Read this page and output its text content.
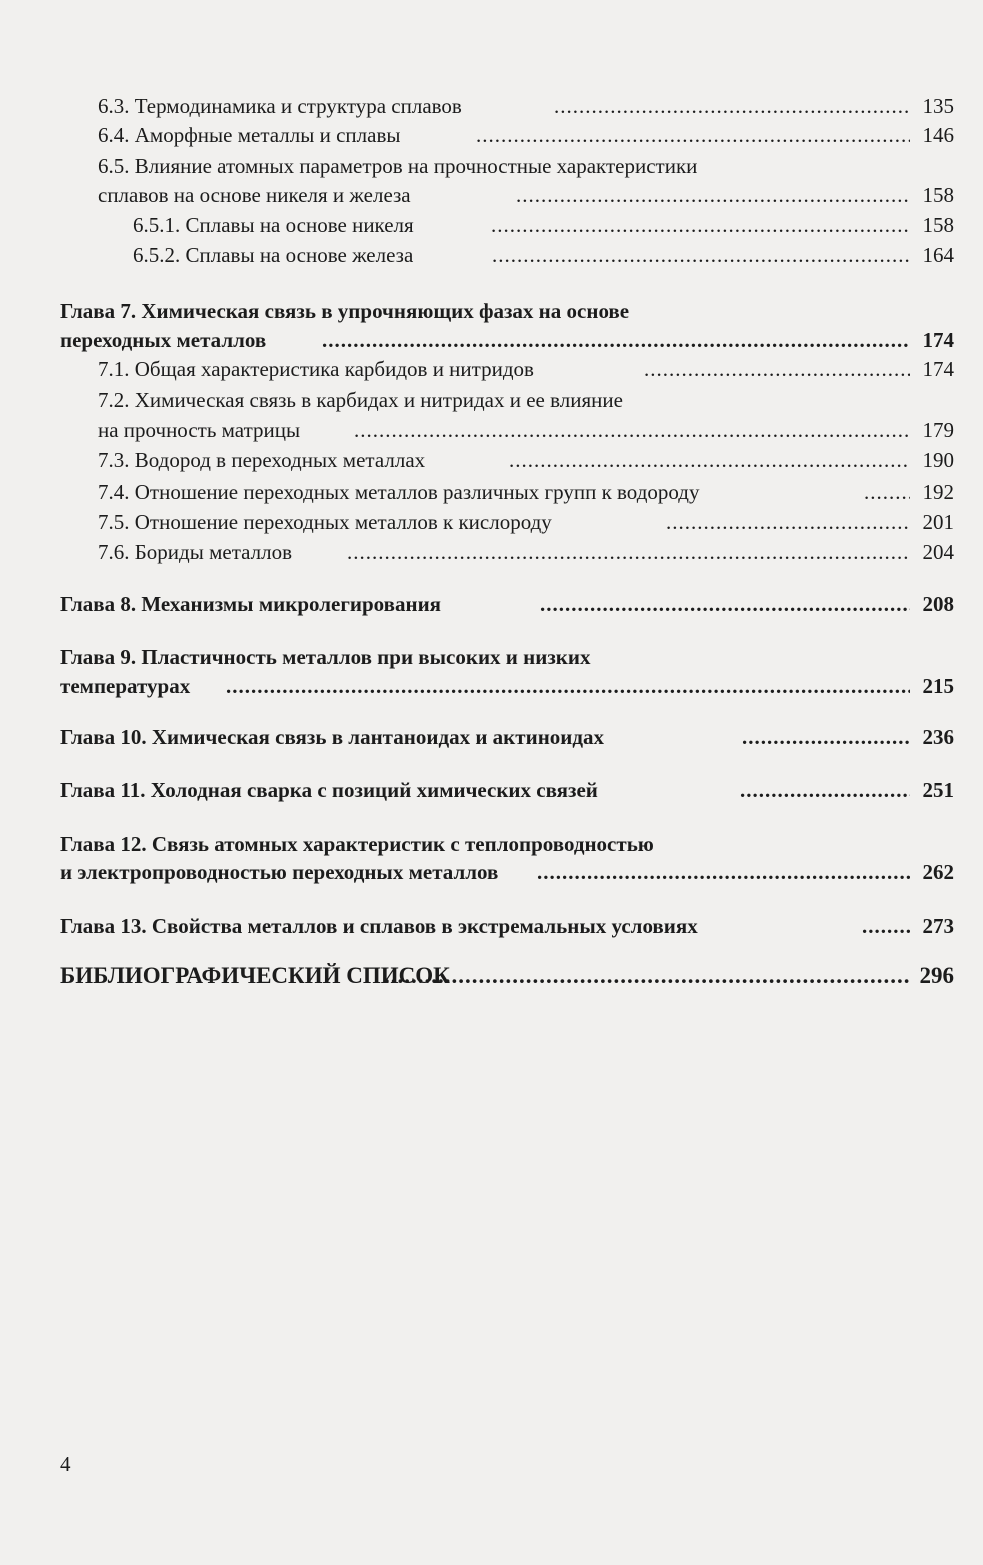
6.3. Термодинамика и структура сплавов .....	135
6.4. Аморфные металлы и сплавы .....	146
6.5. Влияние атомных параметров на прочностные характеристики
сплавов на основе никеля и железа .....	158
6.5.1. Сплавы на основе никеля .....	158
6.5.2. Сплавы на основе железа .....	164
Глава 7. Химическая связь в упрочняющих фазах на основе
переходных металлов .....	174
7.1. Общая характеристика карбидов и нитридов .....	174
7.2. Химическая связь в карбидах и нитридах и ее влияние
на прочность матрицы .....	179
7.3. Водород в переходных металлах .....	190
7.4. Отношение переходных металлов различных групп к водороду .....	192
7.5. Отношение переходных металлов к кислороду .....	201
7.6. Бориды металлов .....	204
Глава 8. Механизмы микролегирования .....	208
Глава 9. Пластичность металлов при высоких и низких
температурах .....	215
Глава 10. Химическая связь в лантаноидах и актиноидах .....	236
Глава 11. Холодная сварка с позиций химических связей .....	251
Глава 12. Связь атомных характеристик с теплопроводностью
и электропроводностью переходных металлов .....	262
Глава 13. Свойства металлов и сплавов в экстремальных условиях .....	273
БИБЛИОГРАФИЧЕСКИЙ СПИСОК .....	296
4
